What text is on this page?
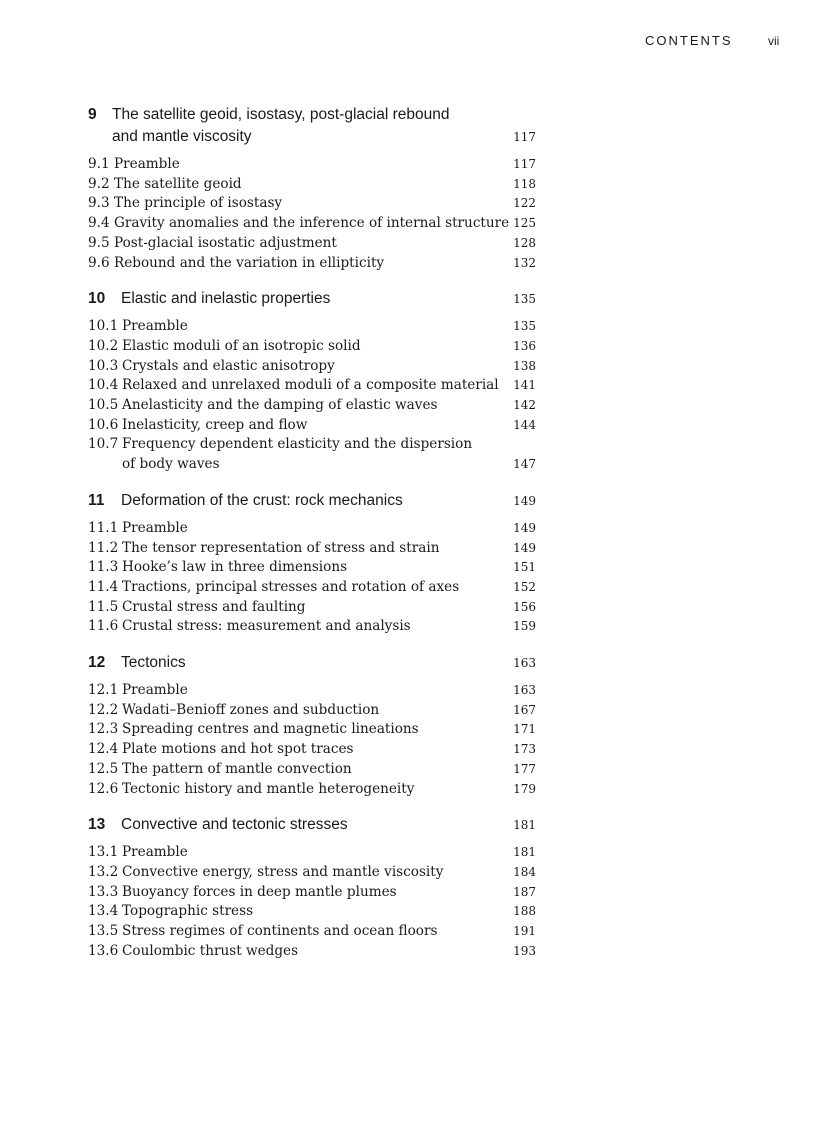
CONTENTS	vii
9 The satellite geoid, isostasy, post-glacial rebound
and mantle viscosity	117
9.1 Preamble	117
9.2 The satellite geoid	118
9.3 The principle of isostasy	122
9.4 Gravity anomalies and the inference of internal structure 125
9.5 Post-glacial isostatic adjustment	128
9.6 Rebound and the variation in ellipticity	132
10 Elastic and inelastic properties	135
10.1 Preamble	135
10.2 Elastic moduli of an isotropic solid	136
10.3 Crystals and elastic anisotropy	138
10.4 Relaxed and unrelaxed moduli of a composite material 141
10.5 Anelasticity and the damping of elastic waves	142
10.6 Inelasticity, creep and flow	144
10.7 Frequency dependent elasticity and the dispersion
of body waves	147
11 Deformation of the crust: rock mechanics	149
11.1 Preamble	149
11.2 The tensor representation of stress and strain	149
11.3 Hooke’s law in three dimensions	151
11.4 Tractions, principal stresses and rotation of axes	152
11.5 Crustal stress and faulting	156
11.6 Crustal stress: measurement and analysis	159
12 Tectonics	163
12.1 Preamble	163
12.2 Wadati–Benioff zones and subduction	167
12.3 Spreading centres and magnetic lineations	171
12.4 Plate motions and hot spot traces	173
12.5 The pattern of mantle convection	177
12.6 Tectonic history and mantle heterogeneity	179
13 Convective and tectonic stresses	181
13.1 Preamble	181
13.2 Convective energy, stress and mantle viscosity	184
13.3 Buoyancy forces in deep mantle plumes	187
13.4 Topographic stress	188
13.5 Stress regimes of continents and ocean floors	191
13.6 Coulombic thrust wedges	193
